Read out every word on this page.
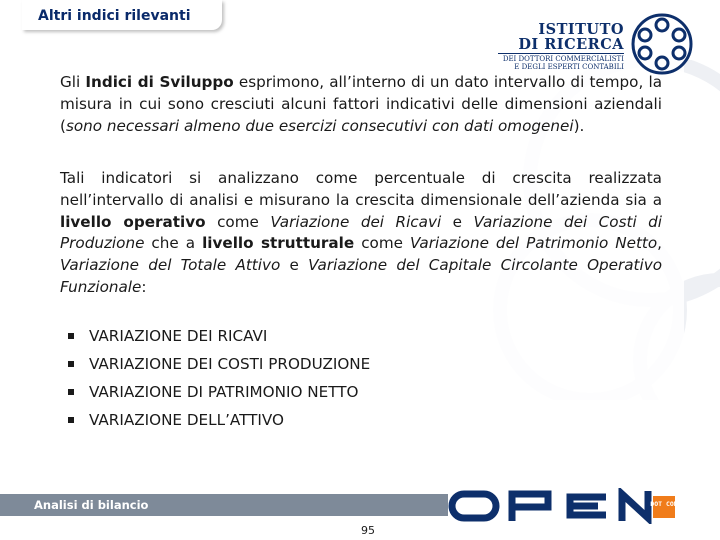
Altri indici rilevanti
ISTITUTO
DI RICERCA
DEI DOTTORI COMMERCIALISTI
E DEGLI ESPERTI CONTABILI

Gli Indici di Sviluppo esprimono, all’interno di un dato intervallo di tempo, la misura in cui sono cresciuti alcuni fattori indicativi delle dimensioni aziendali (sono necessari almeno due esercizi consecutivi con dati omogenei).

Tali indicatori si analizzano come percentuale di crescita realizzata nell’intervallo di analisi e misurano la crescita dimensionale dell’azienda sia a livello operativo come Variazione dei Ricavi e Variazione dei Costi di Produzione che a livello strutturale come Variazione del Patrimonio Netto, Variazione del Totale Attivo e Variazione del Capitale Circolante Operativo Funzionale:

VARIAZIONE DEI RICAVI
VARIAZIONE DEI COSTI PRODUZIONE
VARIAZIONE DI PATRIMONIO NETTO
VARIAZIONE DELL’ATTIVO
Analisi di bilancio	DOT COM
95
